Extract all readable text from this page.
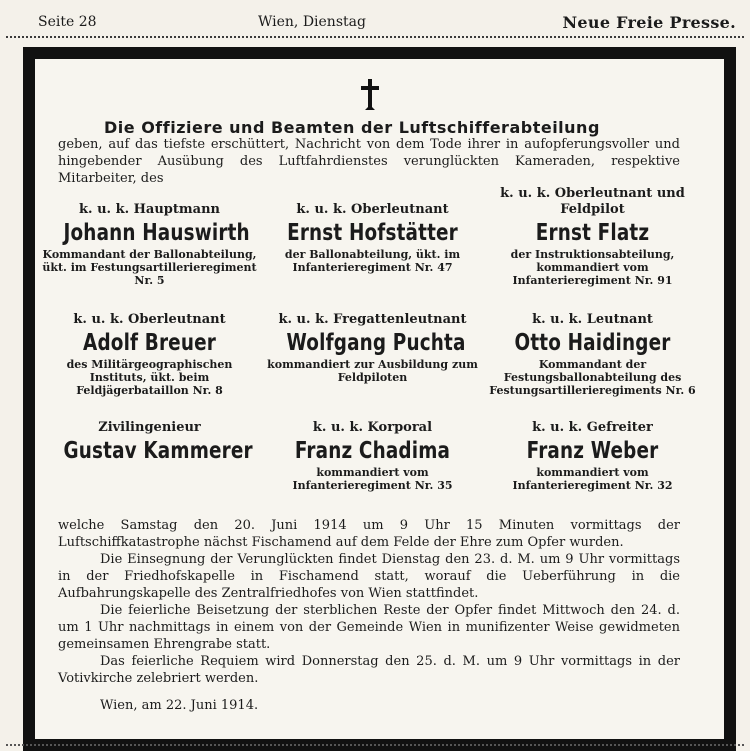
Seite 28	Wien, Dienstag	Neue Freie Presse.
Die Offiziere und Beamten der Luftschifferabteilung
geben, auf das tiefste erschüttert, Nachricht von dem Tode ihrer in aufopferungsvoller und hingebender Ausübung des Luftfahrdienstes verunglückten Kameraden, respektive Mitarbeiter, des
k. u. k. Hauptmann
Johann Hauswirth
Kommandant der Ballonabteilung, ükt. im Festungsartillerieregiment Nr. 5
k. u. k. Oberleutnant
Ernst Hofstätter
der Ballonabteilung, ükt. im Infanterieregiment Nr. 47
k. u. k. Oberleutnant und Feldpilot
Ernst Flatz
der Instruktionsabteilung, kommandiert vom Infanterieregiment Nr. 91
k. u. k. Oberleutnant
Adolf Breuer
des Militärgeographischen Instituts, ükt. beim Feldjägerbataillon Nr. 8
k. u. k. Fregattenleutnant
Wolfgang Puchta
kommandiert zur Ausbildung zum Feldpiloten
k. u. k. Leutnant
Otto Haidinger
Kommandant der Festungsballonabteilung des Festungsartillerieregiments Nr. 6
Zivilingenieur
Gustav Kammerer
k. u. k. Korporal
Franz Chadima
kommandiert vom Infanterieregiment Nr. 35
k. u. k. Gefreiter
Franz Weber
kommandiert vom Infanterieregiment Nr. 32

welche Samstag den 20. Juni 1914 um 9 Uhr 15 Minuten vormittags der Luftschiffkatastrophe nächst Fischamend auf dem Felde der Ehre zum Opfer wurden.

Die Einsegnung der Verunglückten findet Dienstag den 23. d. M. um 9 Uhr vormittags in der Friedhofskapelle in Fischamend statt, worauf die Ueberführung in die Aufbahrungskapelle des Zentralfriedhofes von Wien stattfindet.

Die feierliche Beisetzung der sterblichen Reste der Opfer findet Mittwoch den 24. d. um 1 Uhr nachmittags in einem von der Gemeinde Wien in munifizenter Weise gewidmeten gemeinsamen Ehrengrabe statt.

Das feierliche Requiem wird Donnerstag den 25. d. M. um 9 Uhr vormittags in der Votivkirche zelebriert werden.

Wien, am 22. Juni 1914.
